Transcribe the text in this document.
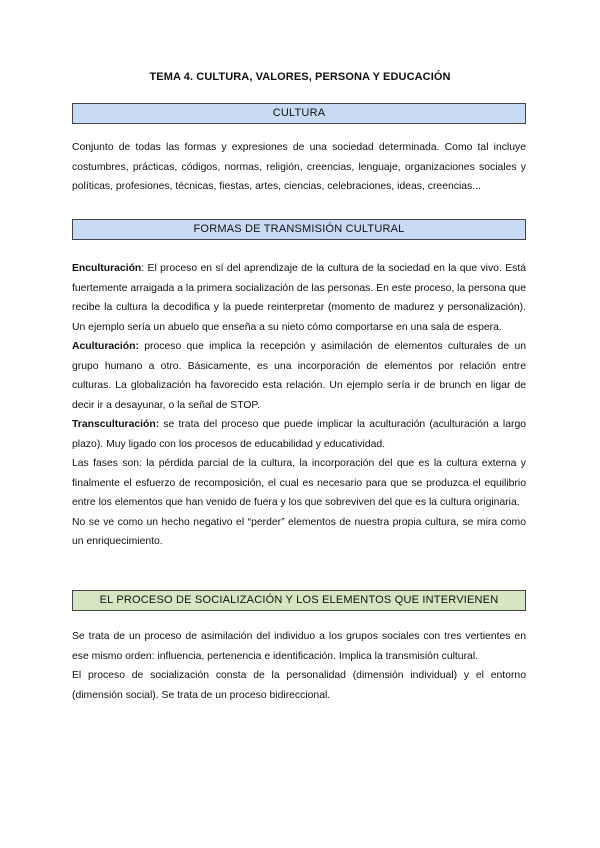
TEMA 4. CULTURA, VALORES, PERSONA Y EDUCACIÓN
CULTURA

Conjunto de todas las formas y expresiones de una sociedad determinada. Como tal incluye costumbres, prácticas, códigos, normas, religión, creencias, lenguaje, organizaciones sociales y políticas, profesiones, técnicas, fiestas, artes, ciencias, celebraciones, ideas, creencias...

FORMAS DE TRANSMISIÓN CULTURAL

Enculturación: El proceso en sí del aprendizaje de la cultura de la sociedad en la que vivo. Está fuertemente arraigada a la primera socialización de las personas. En este proceso, la persona que recibe la cultura la decodifica y la puede reinterpretar (momento de madurez y personalización). Un ejemplo sería un abuelo que enseña a su nieto cómo comportarse en una sala de espera.

Aculturación: proceso que implica la recepción y asimilación de elementos culturales de un grupo humano a otro. Básicamente, es una incorporación de elementos por relación entre culturas. La globalización ha favorecido esta relación. Un ejemplo sería ir de brunch en ligar de decir ir a desayunar, o la señal de STOP.

Transculturación: se trata del proceso que puede implicar la aculturación (aculturación a largo plazo). Muy ligado con los procesos de educabilidad y educatividad.

Las fases son: la pérdida parcial de la cultura, la incorporación del que es la cultura externa y finalmente el esfuerzo de recomposición, el cual es necesario para que se produzca el equilibrio entre los elementos que han venido de fuera y los que sobreviven del que es la cultura originaria.

No se ve como un hecho negativo el “perder” elementos de nuestra propia cultura, se mira como un enriquecimiento.

EL PROCESO DE SOCIALIZACIÓN Y LOS ELEMENTOS QUE INTERVIENEN

Se trata de un proceso de asimilación del individuo a los grupos sociales con tres vertientes en ese mismo orden: influencia, pertenencia e identificación. Implica la transmisión cultural.

El proceso de socialización consta de la personalidad (dimensión individual) y el entorno (dimensión social). Se trata de un proceso bidireccional.
